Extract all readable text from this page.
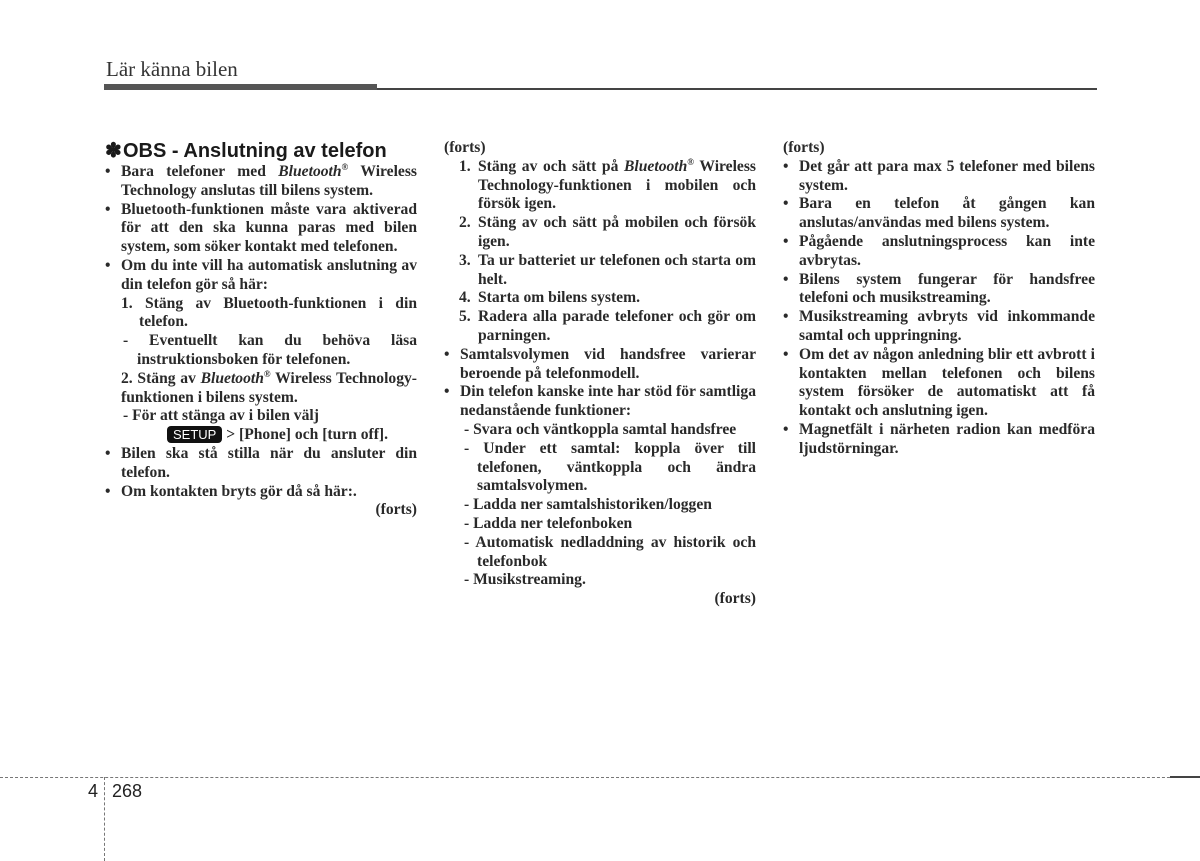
Lär känna bilen
✽OBS - Anslutning av telefon

• Bara telefoner med Bluetooth® Wireless Technology anslutas till bilens system.

• Bluetooth-funktionen måste vara aktiverad för att den ska kunna paras med bilen system, som söker kontakt med telefonen.

• Om du inte vill ha automatisk anslutning av din telefon gör så här:

1. Stäng av Bluetooth-funktionen i din telefon.

- Eventuellt kan du behöva läsa instruktionsboken för telefonen.

2. Stäng av Bluetooth® Wireless Technology-funktionen i bilens system.

- För att stänga av i bilen välj
SETUP > [Phone] och [turn off].

• Bilen ska stå stilla när du ansluter din telefon.

• Om kontakten bryts gör då så här:.

(forts)

(forts)

1. Stäng av och sätt på Bluetooth® Wireless Technology-funktionen i mobilen och försök igen.

2. Stäng av och sätt på mobilen och försök igen.

3. Ta ur batteriet ur telefonen och starta om helt.

4. Starta om bilens system.

5. Radera alla parade telefoner och gör om parningen.

• Samtalsvolymen vid handsfree varierar beroende på telefonmodell.

• Din telefon kanske inte har stöd för samtliga nedanstående funktioner:

- Svara och väntkoppla samtal handsfree

- Under ett samtal: koppla över till telefonen, väntkoppla och ändra samtalsvolymen.

- Ladda ner samtalshistoriken/loggen

- Ladda ner telefonboken

- Automatisk nedladdning av historik och telefonbok

- Musikstreaming.

(forts)

(forts)

• Det går att para max 5 telefoner med bilens system.

• Bara en telefon åt gången kan anslutas/användas med bilens system.

• Pågående anslutningsprocess kan inte avbrytas.

• Bilens system fungerar för handsfree telefoni och musikstreaming.

• Musikstreaming avbryts vid inkommande samtal och uppringning.

• Om det av någon anledning blir ett avbrott i kontakten mellan telefonen och bilens system försöker de automatiskt att få kontakt och anslutning igen.

• Magnetfält i närheten radion kan medföra ljudstörningar.

4 268
